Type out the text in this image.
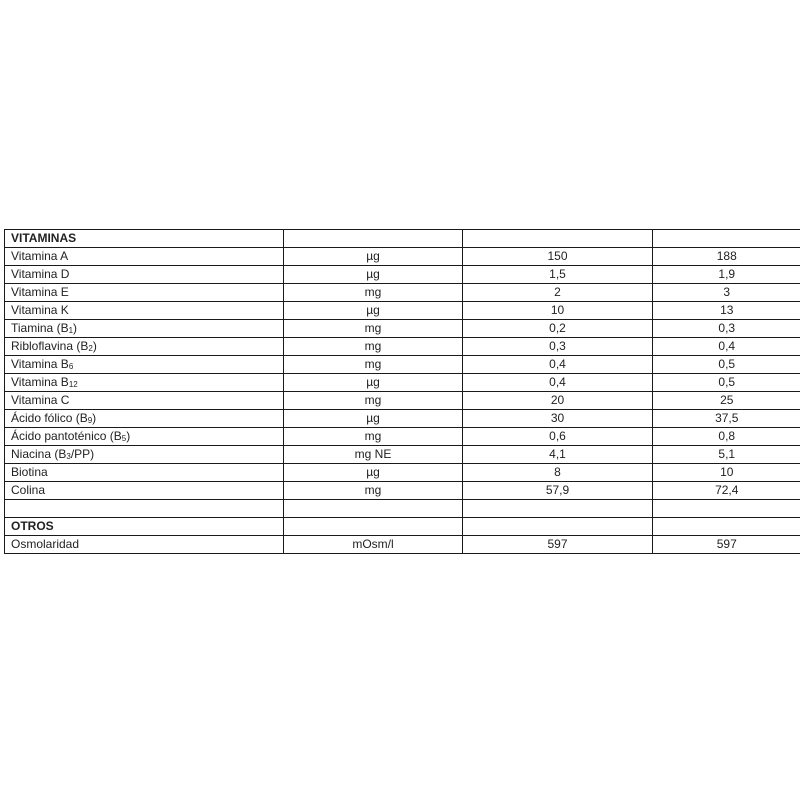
VITAMINAS			
Vitamina A	µg	150	188
Vitamina D	µg	1,5	1,9
Vitamina E	mg	2	3
Vitamina K	µg	10	13
Tiamina $(B_1)$	mg	0,2	0,3
Ribloflavina $(B_2)$	mg	0,3	0,4
Vitamina $B_6$	mg	0,4	0,5
Vitamina $B_{12}$	µg	0,4	0,5
Vitamina C	mg	20	25
Ácido fólico $(B_9)$	µg	30	37,5
Ácido pantoténico $(B_5)$	mg	0,6	0,8
Niacina $(B_3/PP)$	mg NE	4,1	5,1
Biotina	µg	8	10
Colina	mg	57,9	72,4

OTROS			
Osmolaridad	mOsm/l	597	597
